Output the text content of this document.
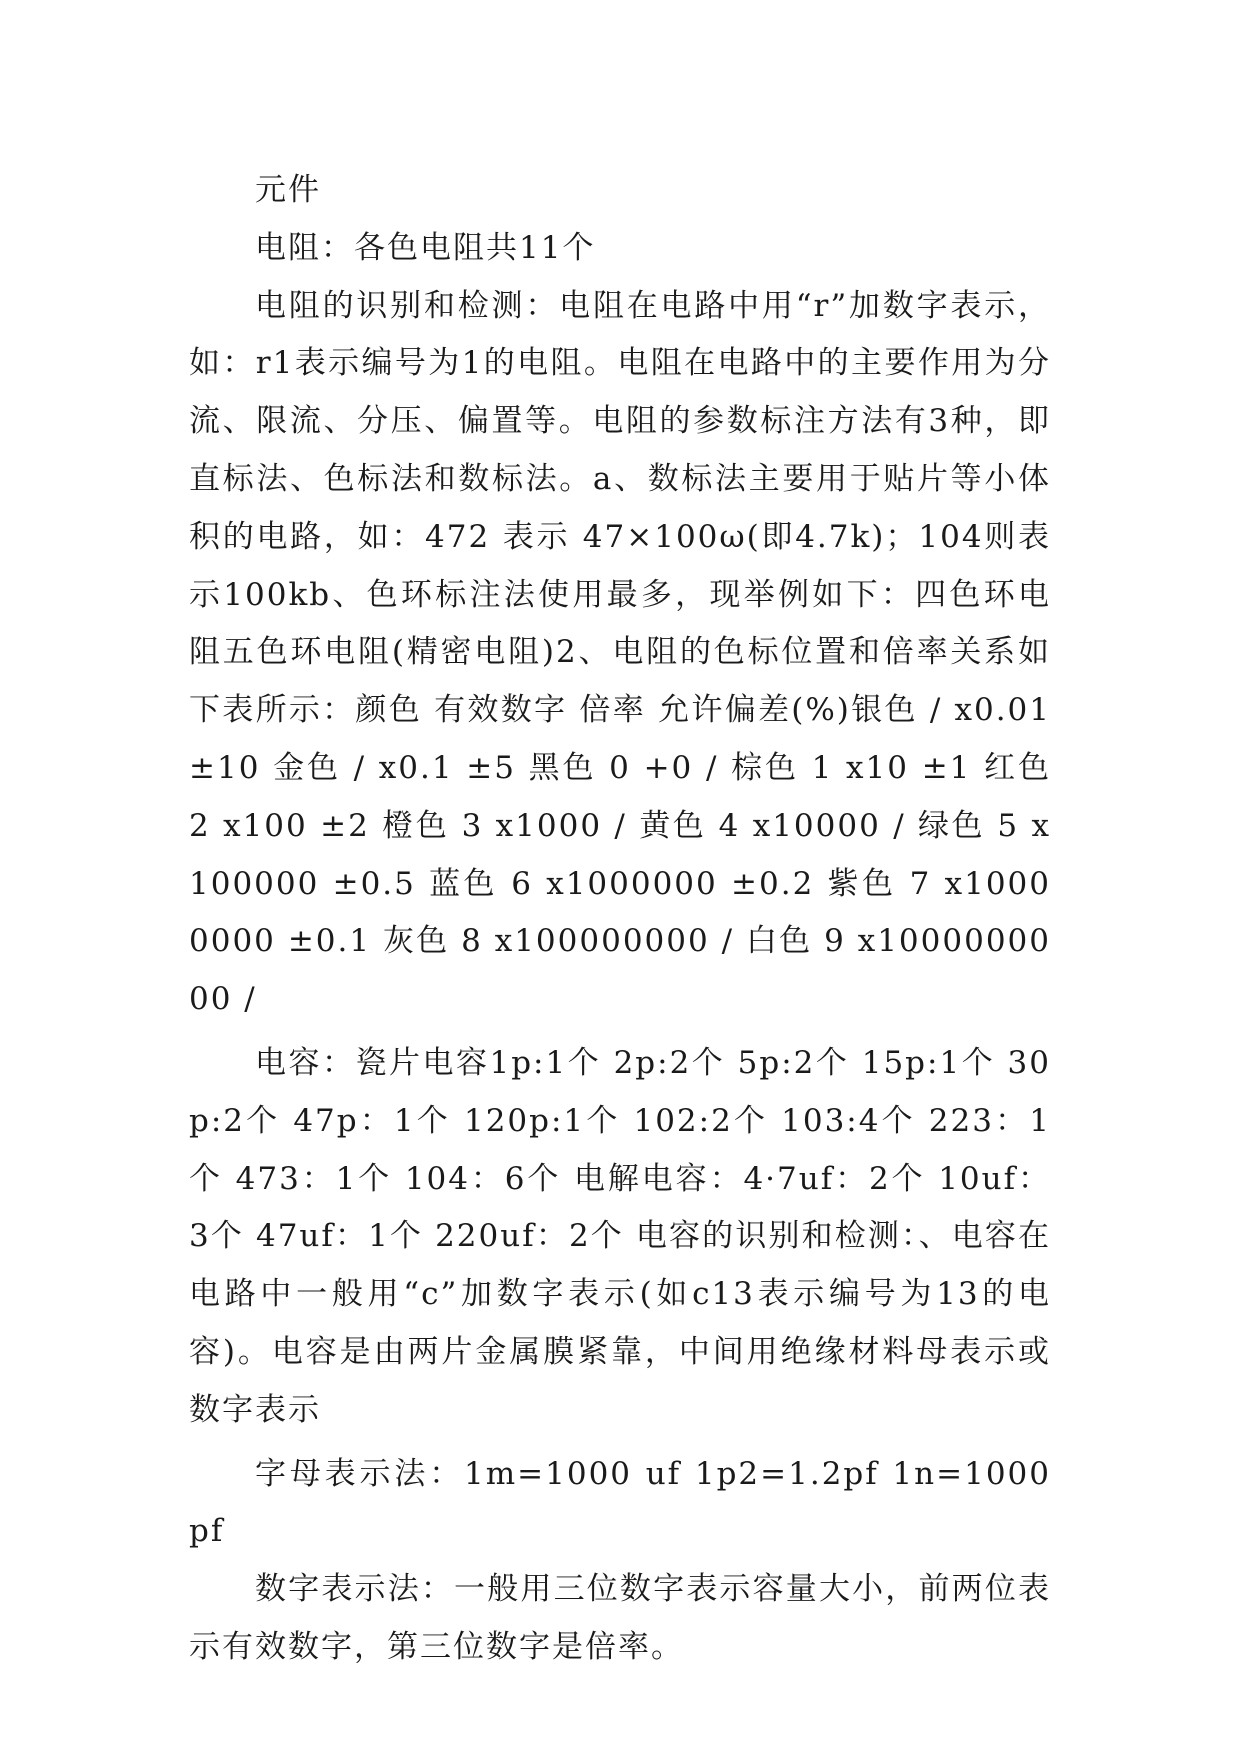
元件

电阻：各色电阻共11个

电阻的识别和检测：电阻在电路中用“r”加数字表示，如：r1表示编号为1的电阻。电阻在电路中的主要作用为分流、限流、分压、偏置等。电阻的参数标注方法有3种，即直标法、色标法和数标法。a、数标法主要用于贴片等小体积的电路，如：472 表示 47×100ω(即4.7k)；104则表示100kb、色环标注法使用最多，现举例如下：四色环电阻五色环电阻(精密电阻)2、电阻的色标位置和倍率关系如下表所示：颜色 有效数字 倍率 允许偏差(%)银色 / x0.01 ±10 金色 / x0.1 ±5 黑色 0 +0 / 棕色 1 x10 ±1 红色 2 x100 ±2 橙色 3 x1000 / 黄色 4 x10000 / 绿色 5 x100000 ±0.5 蓝色 6 x1000000 ±0.2 紫色 7 x10000000 ±0.1 灰色 8 x100000000 / 白色 9 x1000000000 /

电容：瓷片电容1p:1个 2p:2个 5p:2个 15p:1个 30p:2个 47p：1个 120p:1个 102:2个 103:4个 223：1个 473：1个 104：6个 电解电容：4·7uf：2个 10uf：3个 47uf：1个 220uf：2个 电容的识别和检测：、电容在电路中一般用“c”加数字表示(如c13表示编号为13的电容)。电容是由两片金属膜紧靠，中间用绝缘材料母表示或数字表示

字母表示法：1m=1000 uf 1p2=1.2pf 1n=1000pf

数字表示法：一般用三位数字表示容量大小，前两位表示有效数字，第三位数字是倍率。
